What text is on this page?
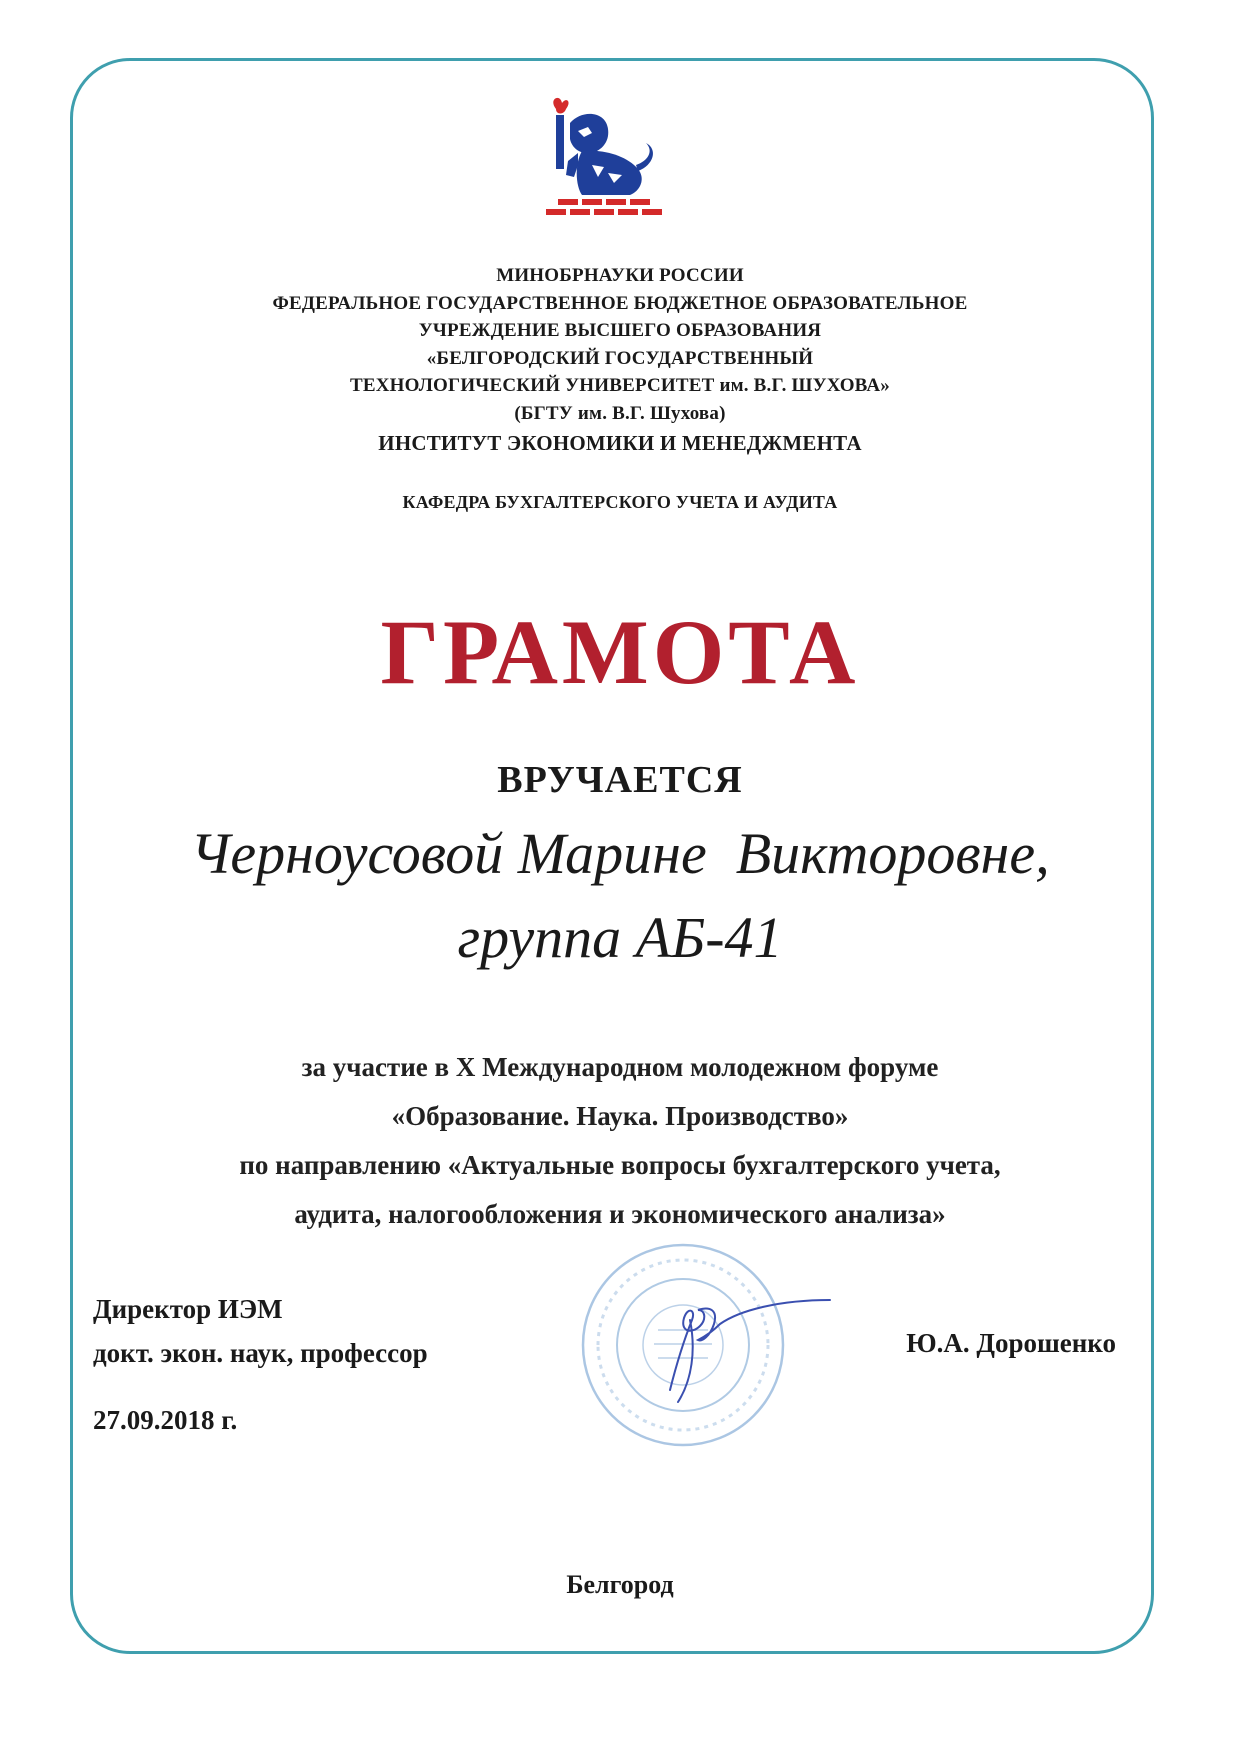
МИНОБРНАУКИ РОССИИ
ФЕДЕРАЛЬНОЕ ГОСУДАРСТВЕННОЕ БЮДЖЕТНОЕ ОБРАЗОВАТЕЛЬНОЕ
УЧРЕЖДЕНИЕ ВЫСШЕГО ОБРАЗОВАНИЯ
«БЕЛГОРОДСКИЙ ГОСУДАРСТВЕННЫЙ
ТЕХНОЛОГИЧЕСКИЙ УНИВЕРСИТЕТ им. В.Г. ШУХОВА»
(БГТУ им. В.Г. Шухова)
ИНСТИТУТ ЭКОНОМИКИ И МЕНЕДЖМЕНТА
КАФЕДРА БУХГАЛТЕРСКОГО УЧЕТА И АУДИТА
ГРАМОТА
ВРУЧАЕТСЯ
Черноусовой Марине  Викторовне,
группа АБ-41
за участие в X Международном молодежном форуме
«Образование. Наука. Производство»
по направлению «Актуальные вопросы бухгалтерского учета,
аудита, налогообложения и экономического анализа»
Директор ИЭМ
докт. экон. наук, профессор	Ю.А. Дорошенко
27.09.2018 г.
Белгород
